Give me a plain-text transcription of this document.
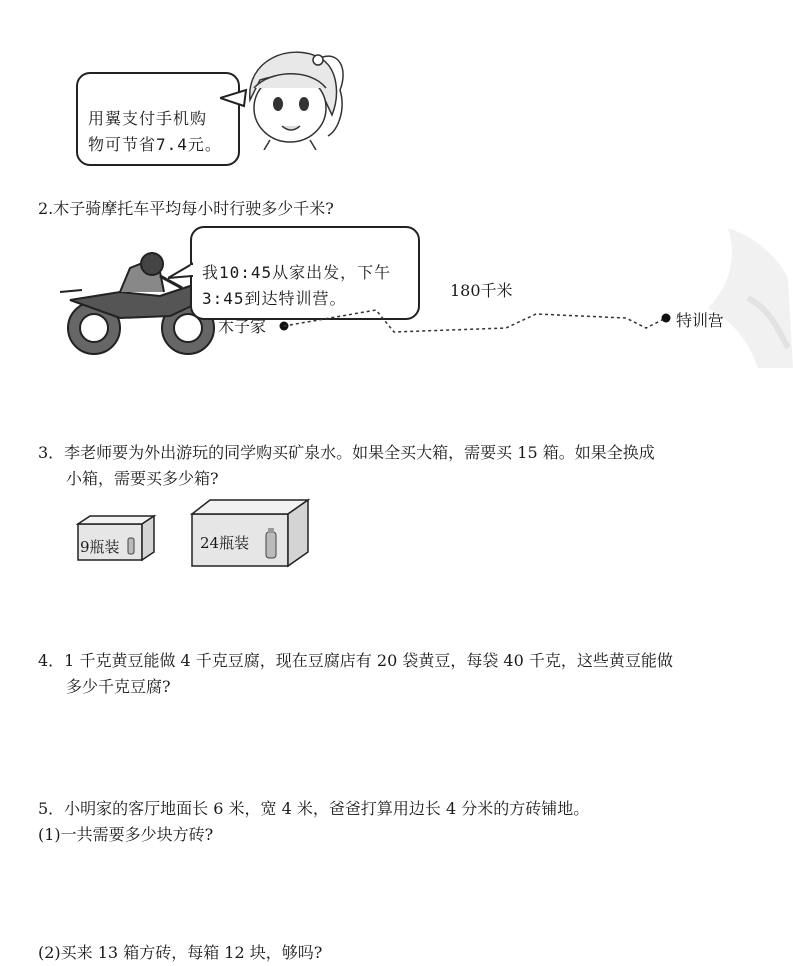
用翼支付手机购
物可节省7.4元。

2.木子骑摩托车平均每小时行驶多少千米?

我10:45从家出发，下午
3:45到达特训营。	180千米
木子家	特训营
3．李老师要为外出游玩的同学购买矿泉水。如果全买大箱，需要买 15 箱。如果全换成
小箱，需要买多少箱?
9瓶装	24瓶装
4．1 千克黄豆能做 4 千克豆腐，现在豆腐店有 20 袋黄豆，每袋 40 千克，这些黄豆能做
多少千克豆腐?
5．小明家的客厅地面长 6 米，宽 4 米，爸爸打算用边长 4 分米的方砖铺地。
(1)一共需要多少块方砖?
(2)买来 13 箱方砖，每箱 12 块，够吗?
